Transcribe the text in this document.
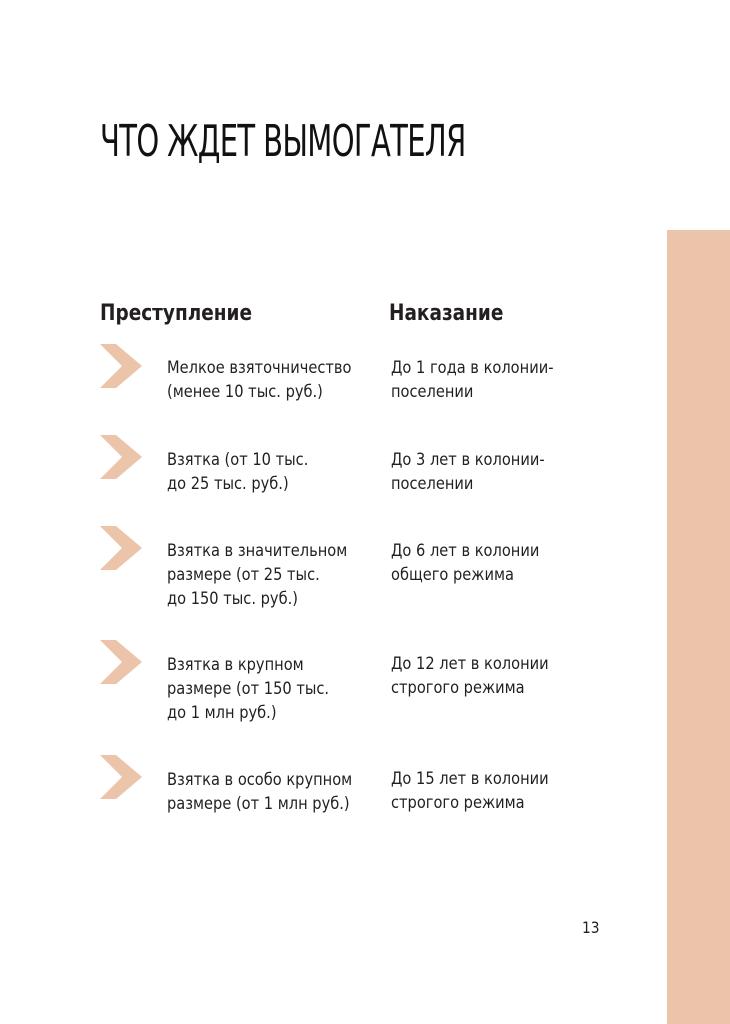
ЧТО ЖДЕТ ВЫМОГАТЕЛЯ
Преступление	Наказание
Мелкое взяточничество
(менее 10 тыс. руб.)
До 1 года в колонии-
поселении
Взятка (от 10 тыс.
до 25 тыс. руб.)
До 3 лет в колонии-
поселении
Взятка в значительном
размере (от 25 тыс.
до 150 тыс. руб.)
До 6 лет в колонии
общего режима
Взятка в крупном
размере (от 150 тыс.
до 1 млн руб.)
До 12 лет в колонии
строгого режима
Взятка в особо крупном
размере (от 1 млн руб.)
До 15 лет в колонии
строгого режима
13
